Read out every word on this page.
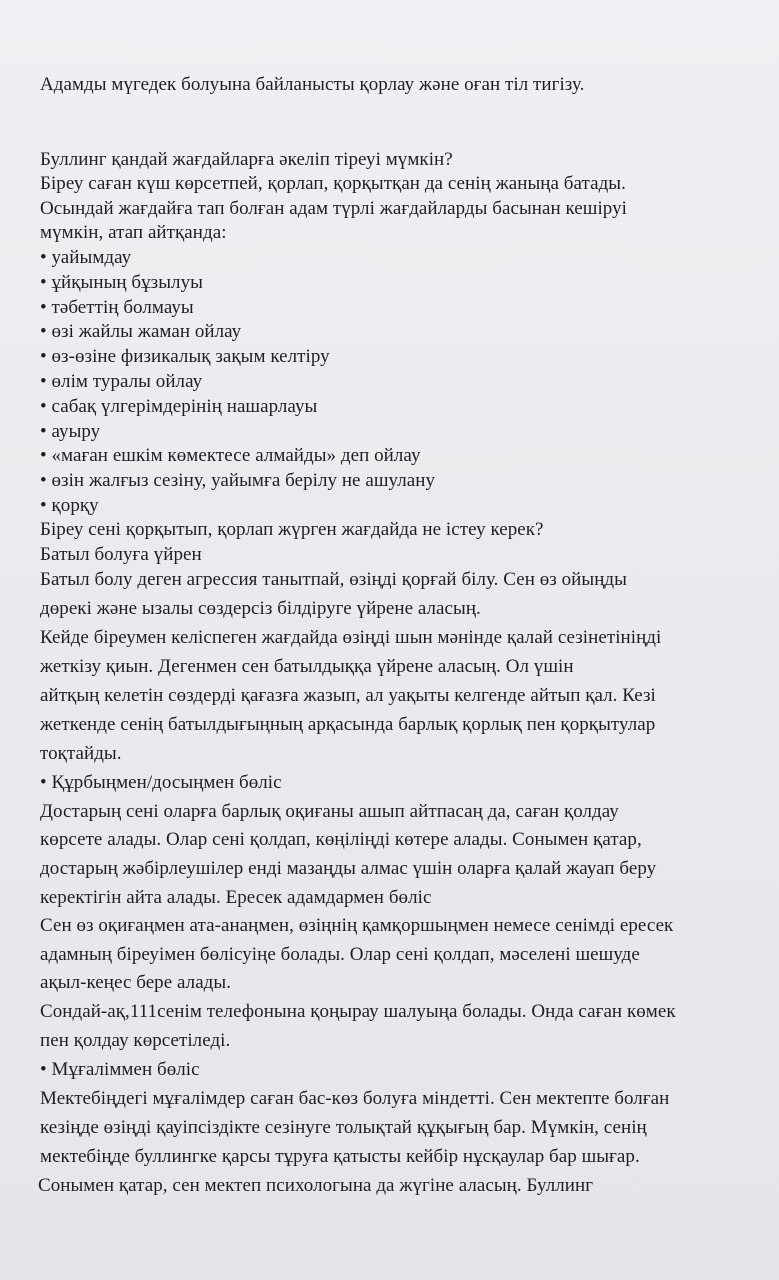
Адамды мүгедек болуына байланысты қорлау және оған тіл тигізу.
Буллинг қандай жағдайларға әкеліп тіреуі мүмкін?
Біреу саған күш көрсетпей, қорлап, қорқытқан да сенің жаныңа батады.
Осындай жағдайға тап болған адам түрлі жағдайларды басынан кешіруі
мүмкін, атап айтқанда:
• уайымдау
• ұйқының бұзылуы
• тәбеттің болмауы
• өзі жайлы жаман ойлау
• өз-өзіне физикалық зақым келтіру
• өлім туралы ойлау
• сабақ үлгерімдерінің нашарлауы
• ауыру
• «маған ешкім көмектесе алмайды» деп ойлау
• өзін жалғыз сезіну, уайымға берілу не ашулану
• қорқу
Біреу сені қорқытып, қорлап жүрген жағдайда не істеу керек?
Батыл болуға үйрен
Батыл болу деген агрессия танытпай, өзіңді қорғай білу. Сен өз ойыңды
дөрекі және ызалы сөздерсіз білдіруге үйрене аласың.
Кейде біреумен келіспеген жағдайда өзіңді шын мәнінде қалай сезінетініңді
жеткізу қиын. Дегенмен сен батылдыққа үйрене аласың. Ол үшін
айтқың келетін сөздерді қағазға жазып, ал уақыты келгенде айтып қал. Кезі
жеткенде сенің батылдығыңның арқасында барлық қорлық пен қорқытулар
тоқтайды.
• Құрбыңмен/досыңмен бөліс
Достарың сені оларға барлық оқиғаны ашып айтпасаң да, саған қолдау
көрсете алады. Олар сені қолдап, көңіліңді көтере алады. Сонымен қатар,
достарың жәбірлеушілер енді мазаңды алмас үшін оларға қалай жауап беру
керектігін айта алады. Ересек адамдармен бөліс
Сен өз оқиғаңмен ата-анаңмен, өзіңнің қамқоршыңмен немесе сенімді ересек
адамның біреуімен бөлісуіңе болады. Олар сені қолдап, мәселені шешуде
ақыл-кеңес бере алады.
Сондай-ақ,111сенім телефонына қоңырау шалуыңа болады. Онда саған көмек
пен қолдау көрсетіледі.
• Мұғаліммен бөліс
Мектебіңдегі мұғалімдер саған бас-көз болуға міндетті. Сен мектепте болған
кезіңде өзіңді қауіпсіздікте сезінуге толықтай құқығың бар. Мүмкін, сенің
мектебіңде буллингке қарсы тұруға қатысты кейбір нұсқаулар бар шығар.
Сонымен қатар, сен мектеп психологына да жүгіне аласың. Буллинг
